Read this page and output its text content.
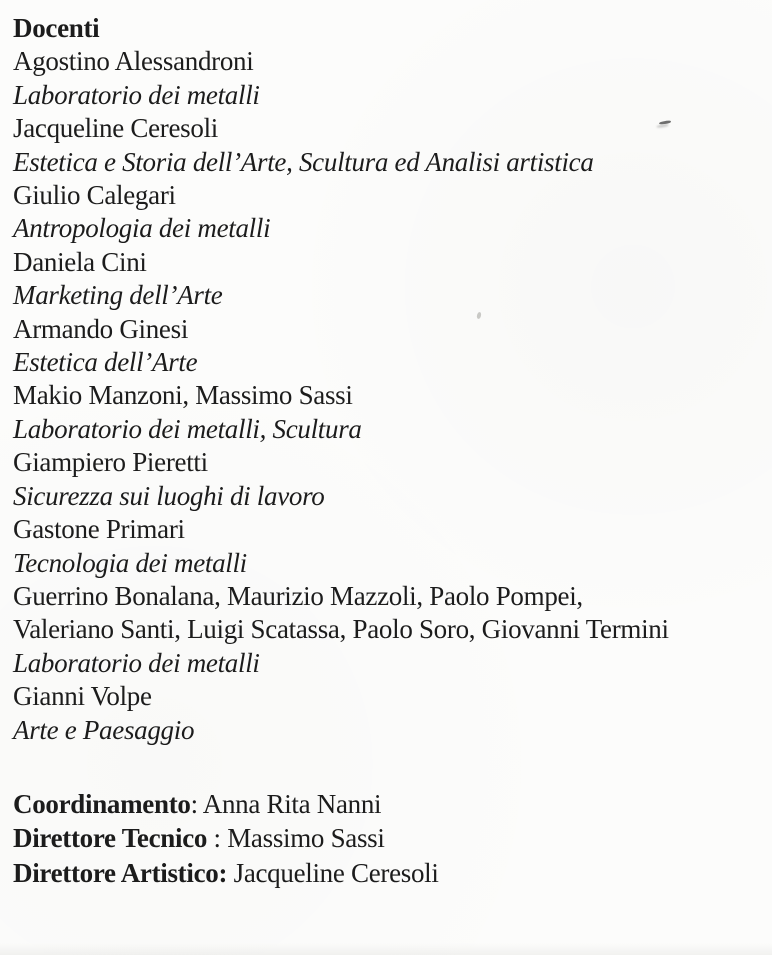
Docenti
Agostino Alessandroni
Laboratorio dei metalli
Jacqueline Ceresoli
Estetica e Storia dell’Arte, Scultura ed Analisi artistica
Giulio Calegari
Antropologia dei metalli
Daniela Cini
Marketing dell’Arte
Armando Ginesi
Estetica dell’Arte
Makio Manzoni, Massimo Sassi
Laboratorio dei metalli, Scultura
Giampiero Pieretti
Sicurezza sui luoghi di lavoro
Gastone Primari
Tecnologia dei metalli
Guerrino Bonalana, Maurizio Mazzoli, Paolo Pompei,
Valeriano Santi, Luigi Scatassa, Paolo Soro, Giovanni Termini
Laboratorio dei metalli
Gianni Volpe
Arte e Paesaggio
Coordinamento: Anna Rita Nanni
Direttore Tecnico : Massimo Sassi
Direttore Artistico: Jacqueline Ceresoli
